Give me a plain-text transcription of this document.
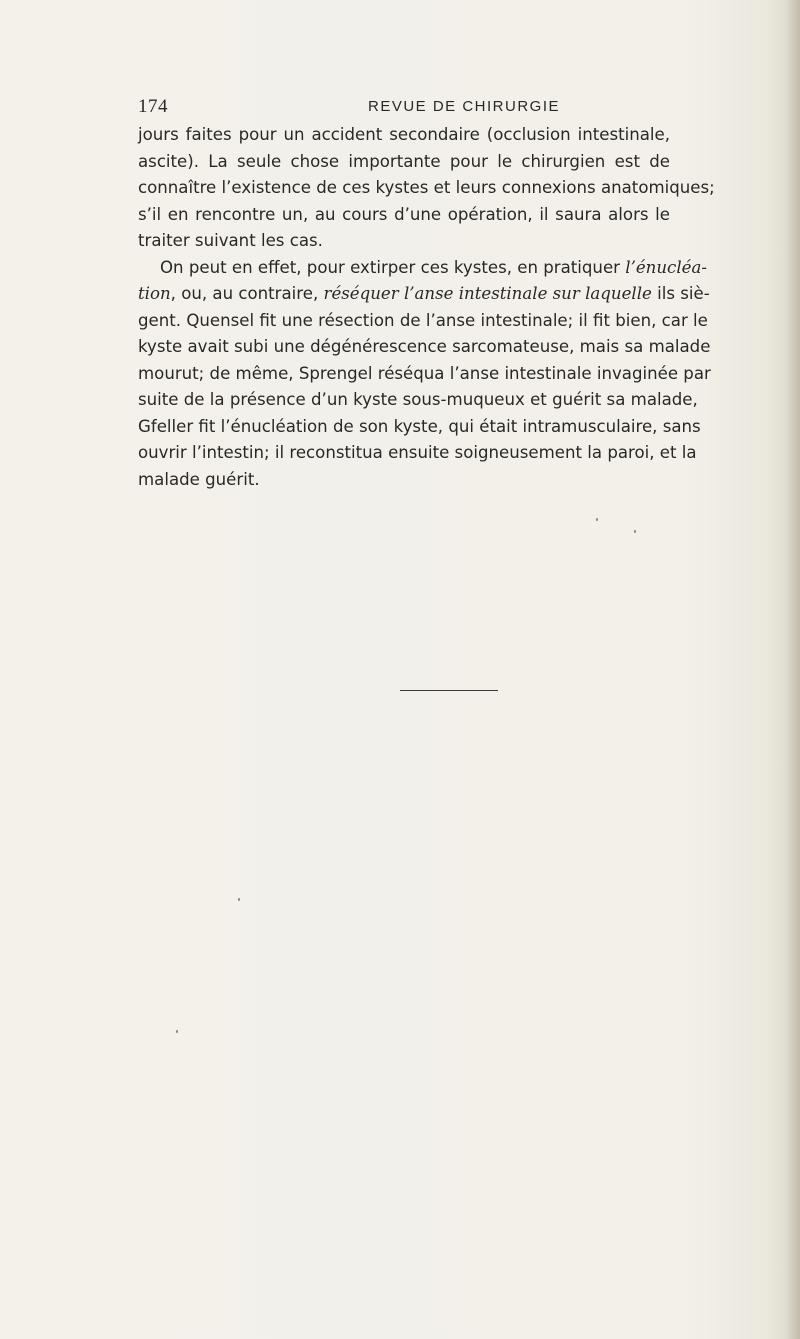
174	REVUE DE CHIRURGIE
jours faites pour un accident secondaire (occlusion intestinale,
ascite). La seule chose importante pour le chirurgien est de
connaître l’existence de ces kystes et leurs connexions anatomiques;
s’il en rencontre un, au cours d’une opération, il saura alors le
traiter suivant les cas.
On peut en effet, pour extirper ces kystes, en pratiquer l’énucléa-
tion, ou, au contraire, réséquer l’anse intestinale sur laquelle ils siè-
gent. Quensel fit une résection de l’anse intestinale; il fit bien, car le
kyste avait subi une dégénérescence sarcomateuse, mais sa malade
mourut; de même, Sprengel réséqua l’anse intestinale invaginée par
suite de la présence d’un kyste sous-muqueux et guérit sa malade,
Gfeller fit l’énucléation de son kyste, qui était intramusculaire, sans
ouvrir l’intestin; il reconstitua ensuite soigneusement la paroi, et la
malade guérit.
